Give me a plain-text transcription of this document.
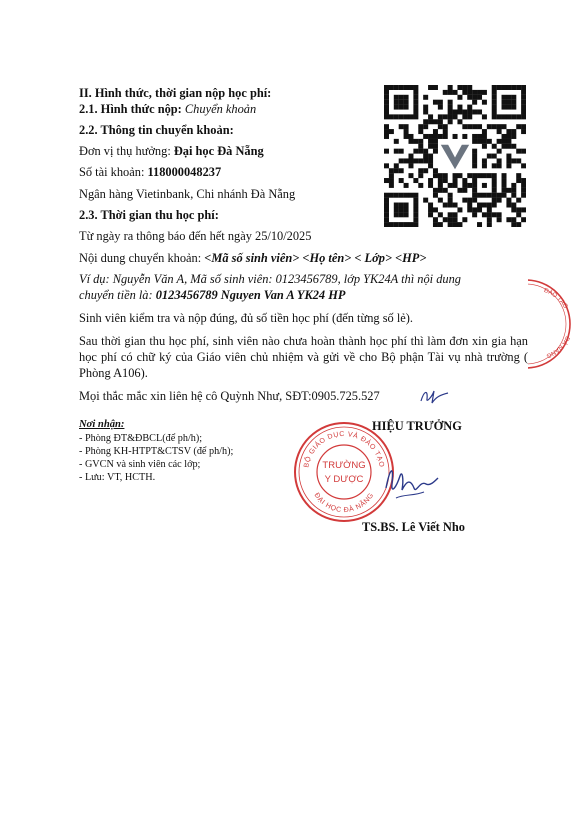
II. Hình thức, thời gian nộp học phí:
2.1. Hình thức nộp: Chuyển khoản
2.2. Thông tin chuyển khoản:
Đơn vị thụ hưởng: Đại học Đà Nẵng
Số tài khoản: 118000048237
Ngân hàng Vietinbank, Chi nhánh Đà Nẵng
2.3. Thời gian thu học phí:
Từ ngày ra thông báo đến hết ngày 25/10/2025
Nội dung chuyển khoản: <Mã số sinh viên> <Họ tên> < Lớp> <HP>
Ví dụ: Nguyễn Văn A, Mã số sinh viên: 0123456789, lớp YK24A thì nội dung
chuyển tiền là: 0123456789 Nguyen Van A YK24 HP
Sinh viên kiểm tra và nộp đúng, đủ số tiền học phí (đến từng số lẻ).
Sau thời gian thu học phí, sinh viên nào chưa hoàn thành học phí thì làm đơn xin gia hạn học phí có chữ ký của Giáo viên chủ nhiệm và gửi về cho Bộ phận Tài vụ nhà trường ( Phòng A106).
Mọi thắc mắc xin liên hệ cô Quỳnh Như, SĐT:0905.725.527
Nơi nhận:
- Phòng ĐT&ĐBCL(để ph/h);
- Phòng KH-HTPT&CTSV (để ph/h);
- GVCN và sinh viên các lớp;
- Lưu: VT, HCTH.
HIỆU TRƯỞNG
TS.BS. Lê Viết Nho
BỘ GIÁO DỤC VÀ ĐÀO TẠO
ĐẠI HỌC ĐÀ NẴNG
TRƯỜNG
Y DƯỢC
ĐÀO TẠO
ĐÀ NẴNG
